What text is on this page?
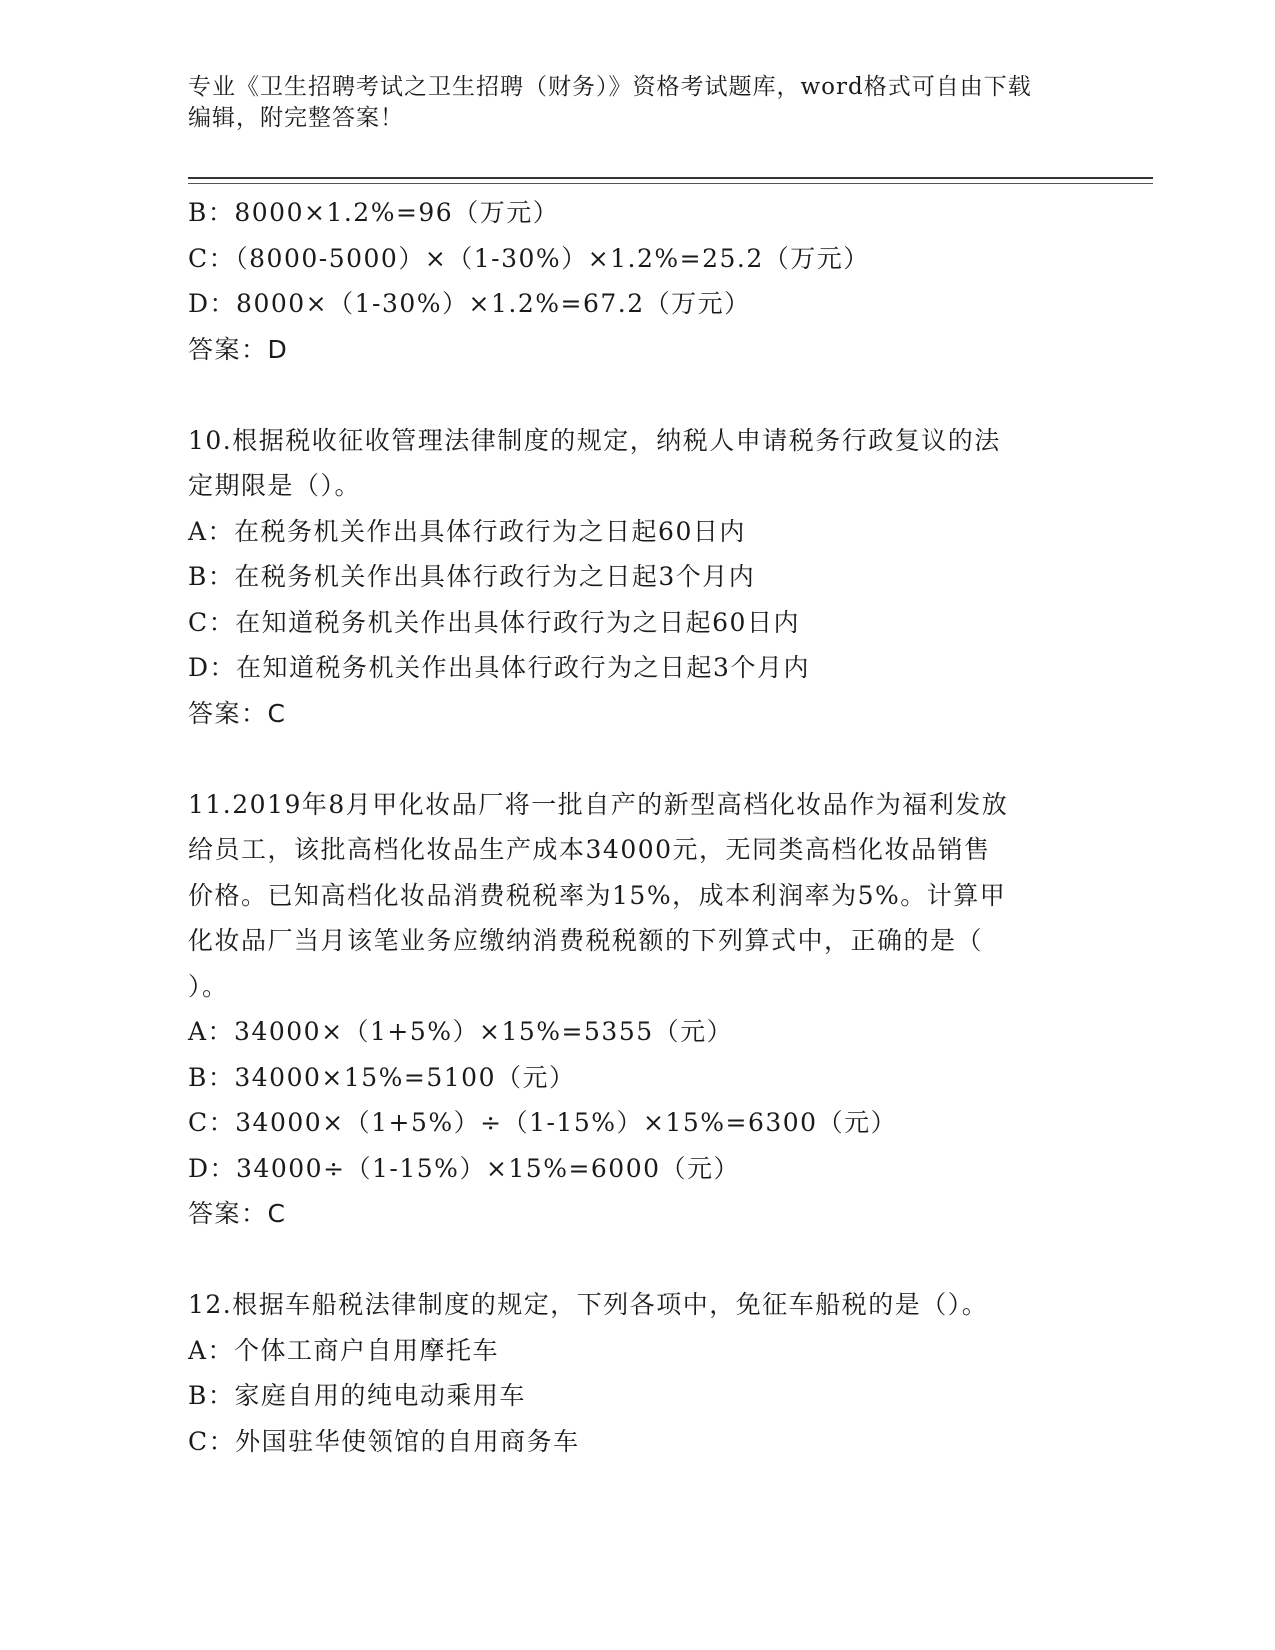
专业《卫生招聘考试之卫生招聘（财务）》资格考试题库，word格式可自由下载
编辑，附完整答案！
B：8000×1.2%=96（万元）
C：（8000-5000）×（1-30%）×1.2%=25.2（万元）
D：8000×（1-30%）×1.2%=67.2（万元）
答案：D
10.根据税收征收管理法律制度的规定，纳税人申请税务行政复议的法
定期限是（）。
A：在税务机关作出具体行政行为之日起60日内
B：在税务机关作出具体行政行为之日起3个月内
C：在知道税务机关作出具体行政行为之日起60日内
D：在知道税务机关作出具体行政行为之日起3个月内
答案：C
11.2019年8月甲化妆品厂将一批自产的新型高档化妆品作为福利发放
给员工，该批高档化妆品生产成本34000元，无同类高档化妆品销售
价格。已知高档化妆品消费税税率为15%，成本利润率为5%。计算甲
化妆品厂当月该笔业务应缴纳消费税税额的下列算式中，正确的是（
）。
A：34000×（1+5%）×15%=5355（元）
B：34000×15%=5100（元）
C：34000×（1+5%）÷（1-15%）×15%=6300（元）
D：34000÷（1-15%）×15%=6000（元）
答案：C
12.根据车船税法律制度的规定，下列各项中，免征车船税的是（）。
A：个体工商户自用摩托车
B：家庭自用的纯电动乘用车
C：外国驻华使领馆的自用商务车
